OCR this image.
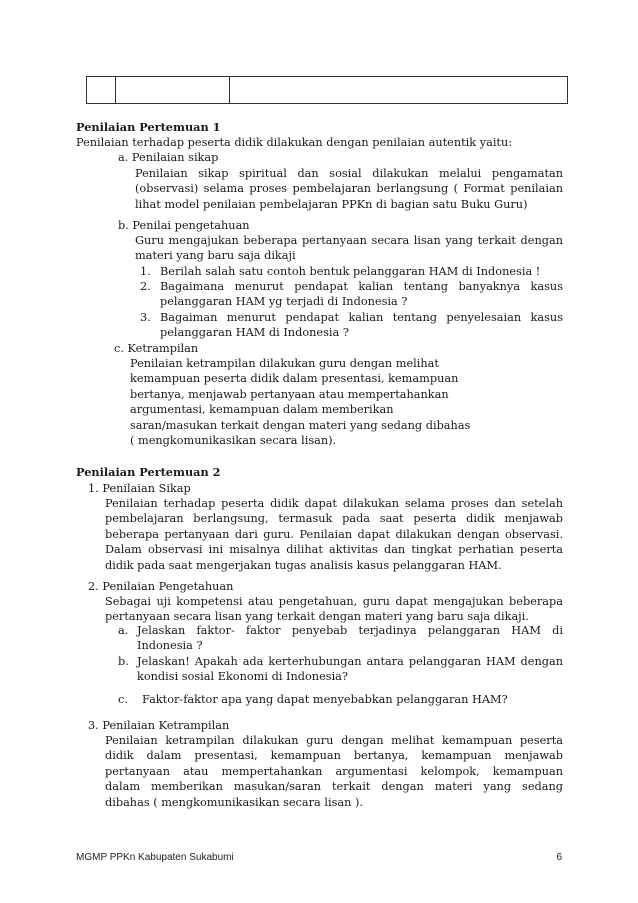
Penilaian Pertemuan 1
Penilaian terhadap peserta didik dilakukan dengan penilaian autentik yaitu:
a. Penilaian sikap
Penilaian sikap spiritual dan sosial dilakukan melalui pengamatan
(observasi) selama proses pembelajaran berlangsung ( Format penilaian
lihat model penilaian pembelajaran PPKn di bagian satu Buku Guru)
b. Penilai pengetahuan
Guru mengajukan beberapa pertanyaan secara lisan yang terkait dengan
materi yang baru saja dikaji
1. Berilah salah satu contoh bentuk pelanggaran HAM di Indonesia !
2. Bagaimana menurut pendapat kalian tentang banyaknya kasus
pelanggaran HAM yg terjadi di Indonesia ?
3. Bagaiman menurut pendapat kalian tentang penyelesaian kasus
pelanggaran HAM di Indonesia ?
c. Ketrampilan
Penilaian ketrampilan dilakukan guru dengan melihat
kemampuan peserta didik dalam presentasi, kemampuan
bertanya, menjawab pertanyaan atau mempertahankan
argumentasi, kemampuan dalam memberikan
saran/masukan terkait dengan materi yang sedang dibahas
( mengkomunikasikan secara lisan).
Penilaian Pertemuan 2
1. Penilaian Sikap
Penilaian terhadap peserta didik dapat dilakukan selama proses dan setelah
pembelajaran berlangsung, termasuk pada saat peserta didik menjawab
beberapa pertanyaan dari guru. Penilaian dapat dilakukan dengan observasi.
Dalam observasi ini misalnya dilihat aktivitas dan tingkat perhatian peserta
didik pada saat mengerjakan tugas analisis kasus pelanggaran HAM.
2. Penilaian Pengetahuan
Sebagai uji kompetensi atau pengetahuan, guru dapat mengajukan beberapa
pertanyaan secara lisan yang terkait dengan materi yang baru saja dikaji.
a. Jelaskan faktor- faktor penyebab terjadinya pelanggaran HAM di
Indonesia ?
b. Jelaskan! Apakah ada kerterhubungan antara pelanggaran HAM dengan
kondisi sosial Ekonomi di Indonesia?
c. Faktor-faktor apa yang dapat menyebabkan pelanggaran HAM?
3. Penilaian Ketrampilan
Penilaian ketrampilan dilakukan guru dengan melihat kemampuan peserta
didik dalam presentasi, kemampuan bertanya, kemampuan menjawab
pertanyaan atau mempertahankan argumentasi kelompok, kemampuan
dalam memberikan masukan/saran terkait dengan materi yang sedang
dibahas ( mengkomunikasikan secara lisan ).
MGMP PPKn Kabupaten Sukabumi	6
